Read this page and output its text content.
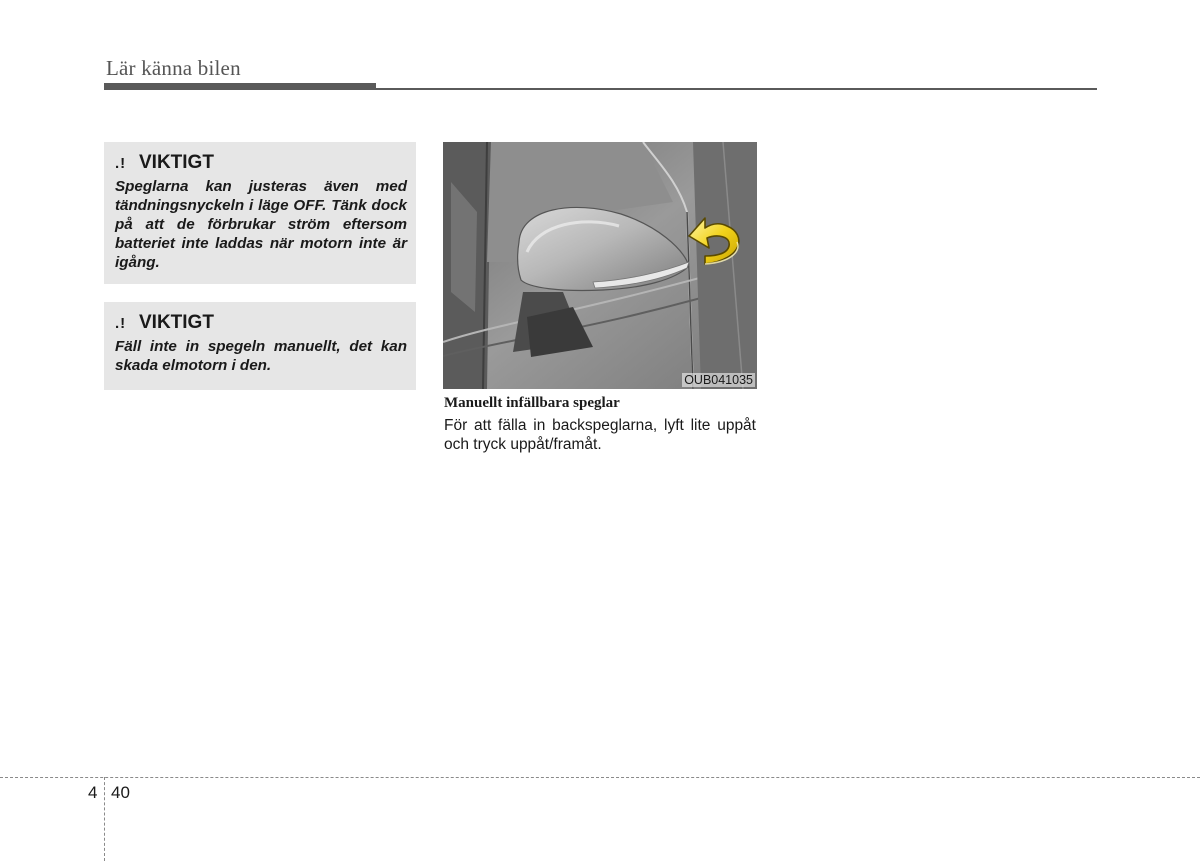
Lär känna bilen
.! VIKTIGT
Speglarna kan justeras även med tändningsnyckeln i läge OFF. Tänk dock på att de förbrukar ström eftersom batteriet inte laddas när motorn inte är igång.
.! VIKTIGT
Fäll inte in spegeln manuellt, det kan skada elmotorn i den.
OUB041035
Manuellt infällbara speglar
För att fälla in backspeglarna, lyft lite uppåt och tryck uppåt/framåt.
4 40
